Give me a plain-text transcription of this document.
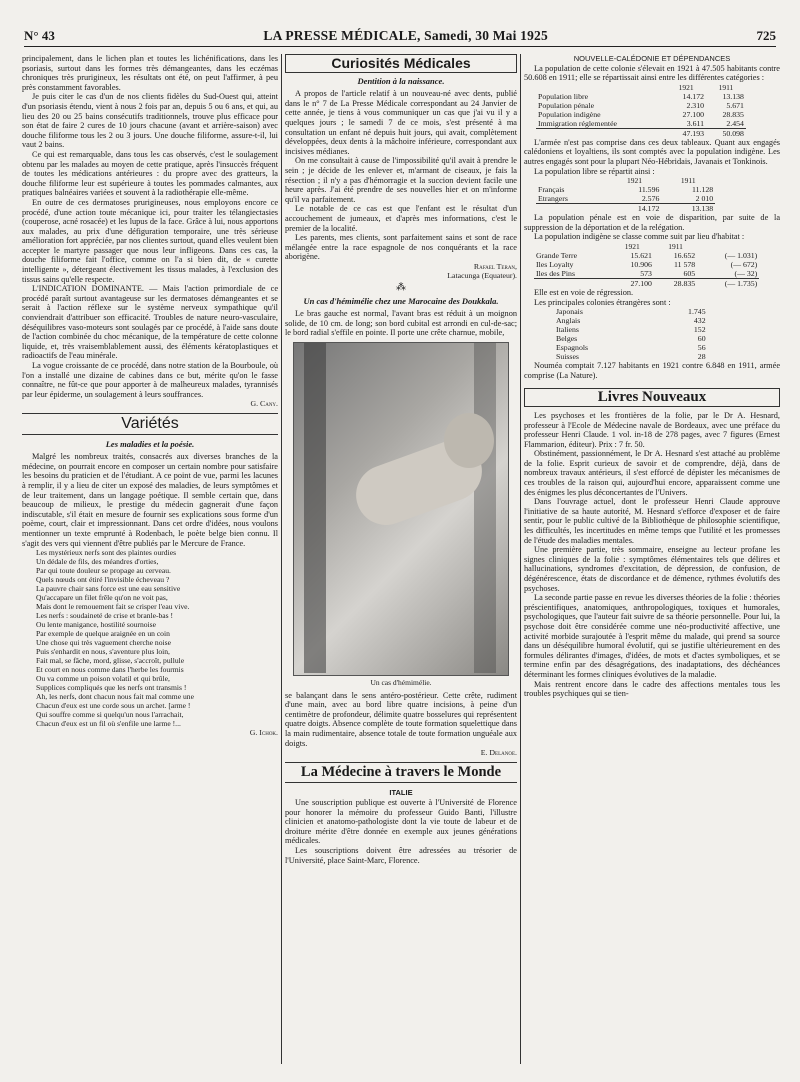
N° 43	LA PRESSE MÉDICALE, Samedi, 30 Mai 1925	725

principalement, dans le lichen plan et toutes les lichénifications, dans les psoriasis, surtout dans les formes très démangeantes, dans les eczémas chroniques très prurigineux, les résultats ont été, on peut l'affirmer, à peu près constamment favorables.

Je puis citer le cas d'un de nos clients fidèles du Sud-Ouest qui, atteint d'un psoriasis étendu, vient à nous 2 fois par an, depuis 5 ou 6 ans, et qui, au lieu des 20 ou 25 bains consécutifs traditionnels, trouve plus efficace pour son état de faire 2 cures de 10 jours chacune (avant et arrière-saison) avec douche filiforme tous les 2 ou 3 jours. Une douche filiforme, assure-t-il, lui vaut 2 bains.

Ce qui est remarquable, dans tous les cas observés, c'est le soulagement obtenu par les malades au moyen de cette pratique, après l'insuccès fréquent de toutes les médications antérieures : du propre avec des gratteurs, la douche filiforme leur est supérieure à toutes les pommades calmantes, aux pratiques balnéaires variées et souvent à la radiothérapie elle-même.

En outre de ces dermatoses prurigineuses, nous employons encore ce procédé, d'une action toute mécanique ici, pour traiter les télangiectasies (couperose, acné rosacée) et les lupus de la face. Grâce à lui, nous apportons aux malades, au prix d'une défiguration temporaire, une très sérieuse amélioration fort appréciée, par nos clientes surtout, quand elles veulent bien accepter le martyre passager que nous leur infligeons. Dans ces cas, la douche filiforme fait l'office, comme on l'a si bien dit, de « curette intelligente », détergeant électivement les tissus malades, à l'exclusion des tissus sains qu'elle respecte.

L'INDICATION DOMINANTE. — Mais l'action primordiale de ce procédé paraît surtout avantageuse sur les dermatoses démangeantes et se serait à l'action réflexe sur le système nerveux sympathique qu'il conviendrait d'attribuer son efficacité. Troubles de nature neuro-vasculaire, déséquilibres vaso-moteurs sont soulagés par ce procédé, à l'aide sans doute de l'action combinée du choc mécanique, de la température de cette colonne liquide, et, très vraisemblablement aussi, des éléments kératoplastiques et radioactifs de l'eau minérale.

La vogue croissante de ce procédé, dans notre station de la Bourboule, où l'on a installé une dizaine de cabines dans ce but, mérite qu'on le fasse connaître, ne fût-ce que pour apporter à de malheureux malades, tyrannisés par leur épiderme, un soulagement à leurs souffrances.

G. Cany.

Variétés

Les maladies et la poésie.

Malgré les nombreux traités, consacrés aux diverses branches de la médecine, on pourrait encore en composer un certain nombre pour satisfaire les besoins du praticien et de l'étudiant. A ce point de vue, parmi les lacunes à remplir, il y a lieu de citer un exposé des maladies, de leurs symptômes et de leur traitement, dans un langage poétique. Il semble certain que, dans beaucoup de milieux, le prestige du médecin gagnerait d'une façon indiscutable, s'il était en mesure de fournir ses explications sous forme d'un poème, court, clair et impressionnant. Dans cet ordre d'idées, nous voulons mentionner un texte emprunté à Rodenbach, le poète belge bien connu. Il s'agit des vers qui viennent d'être publiés par le Mercure de France.

Les mystérieux nerfs sont des plaintes ourdies

Un dédale de fils, des méandres d'orties,

Par qui toute douleur se propage au cerveau.

Quels nœuds ont étiré l'invisible écheveau ?

La pauvre chair sans force est une eau sensitive

Qu'accapare un filet frêle qu'on ne voit pas,

Mais dont le remouement fait se crisper l'eau vive.

Les nerfs : soudaineté de crise et branle-bas !

Ou lente manigance, hostilité sournoise

Par exemple de quelque araignée en un coin

Une chose qui très vaguement cherche noise

Puis s'enhardit en nous, s'aventure plus loin,

Fait mal, se fâche, mord, glisse, s'accroît, pullule

Et court en nous comme dans l'herbe les fourmis

Ou va comme un poison volatil et qui brûle,

Supplices compliqués que les nerfs ont transmis !

Ah, les nerfs, dont chacun nous fait mal comme une

Chacun d'eux est une corde sous un archet. [arme !

Qui souffre comme si quelqu'un nous l'arrachait,

Chacun d'eux est un fil où s'enfile une larme !...

G. Ichok.

Curiosités Médicales

Dentition à la naissance.

A propos de l'article relatif à un nouveau-né avec dents, publié dans le n° 7 de La Presse Médicale correspondant au 24 Janvier de cette année, je tiens à vous communiquer un cas que j'ai vu il y a quelques jours ; le samedi 7 de ce mois, s'est présenté à ma consultation un enfant né depuis huit jours, qui avait, complètement développées, deux dents à la mâchoire inférieure, correspondant aux incisives médianes.

On me consultait à cause de l'impossibilité qu'il avait à prendre le sein ; je décide de les enlever et, m'armant de ciseaux, je fais la résection ; il n'y a pas d'hémorragie et la succion devient facile une heure après. J'ai été prendre de ses nouvelles hier et on m'informe qu'il va parfaitement.

Le notable de ce cas est que l'enfant est le résultat d'un accouchement de jumeaux, et d'après mes informations, c'est le premier de la localité.

Les parents, mes clients, sont parfaitement sains et sont de race mélangée entre la race espagnole de nos conquérants et la race aborigène.

Rafael Teran,

Latacunga (Equateur).

⁂

Un cas d'hémimélie chez une Marocaine des Doukkala.

Le bras gauche est normal, l'avant bras est réduit à un moignon solide, de 10 cm. de long; son bord cubital est arrondi en cul-de-sac; le bord radial s'effile en pointe. Il porte une crête charnue, mobile,

Un cas d'hémimélie.

se balançant dans le sens antéro-postérieur. Cette crête, rudiment d'une main, avec au bord libre quatre incisions, à peine d'un centimètre de profondeur, délimite quatre bosselures qui représentent quatre doigts. Absence complète de toute formation squelettique dans la main rudimentaire, absence totale de toute formation unguéale aux doigts.

E. Delanoe.

La Médecine à travers le Monde

ITALIE

Une souscription publique est ouverte à l'Université de Florence pour honorer la mémoire du professeur Guido Banti, l'illustre clinicien et anatomo-pathologiste dont la vie toute de labeur et de droiture mérite d'être donnée en exemple aux jeunes générations médicales.

Les souscriptions doivent être adressées au trésorier de l'Université, place Saint-Marc, Florence.

NOUVELLE-CALÉDONIE ET DÉPENDANCES

La population de cette colonie s'élevait en 1921 à 47.505 habitants contre 50.608 en 1911; elle se répartissait ainsi entre les différentes catégories :

	1921	1911
Population libre	14.172	13.138
Population pénale	2.310	5.671
Population indigène	27.100	28.835
Immigration réglementée	3.611	2.454
	47.193	50.098

L'armée n'est pas comprise dans ces deux tableaux. Quant aux engagés calédoniens et loyaltiens, ils sont comptés avec la population indigène. Les autres engagés sont pour la plupart Néo-Hébridais, Javanais et Tonkinois.

La population libre se répartit ainsi :

	1921	1911
Français	11.596	11.128
Etrangers	2.576	2 010
	14.172	13.138

La population pénale est en voie de disparition, par suite de la suppression de la déportation et de la relégation.

La population indigène se classe comme suit par lieu d'habitat :

	1921	1911	
Grande Terre	15.621	16.652	(— 1.031)
Iles Loyalty	10.906	11 578	(— 672)
Iles des Pins	573	605	(— 32)
	27.100	28.835	(— 1.735)

Elle est en voie de régression.

Les principales colonies étrangères sont :

Japonais	1.745
Anglais	432
Italiens	152
Belges	60
Espagnols	56
Suisses	28

Nouméa comptait 7.127 habitants en 1921 contre 6.848 en 1911, armée comprise (La Nature).

Livres Nouveaux

Les psychoses et les frontières de la folie, par le Dr A. Hesnard, professeur à l'Ecole de Médecine navale de Bordeaux, avec une préface du professeur Henri Claude. 1 vol. in-18 de 278 pages, avec 7 figures (Ernest Flammarion, éditeur). Prix : 7 fr. 50.

Obstinément, passionnément, le Dr A. Hesnard s'est attaché au problème de la folie. Esprit curieux de savoir et de comprendre, déjà, dans de nombreux travaux antérieurs, il s'est efforcé de dépister les mécanismes de ces troubles de la raison qui, aujourd'hui encore, apparaissent comme une des énigmes les plus déconcertantes de l'Univers.

Dans l'ouvrage actuel, dont le professeur Henri Claude approuve l'initiative de sa haute autorité, M. Hesnard s'efforce d'exposer et de faire sentir, pour le public cultivé de la Bibliothèque de philosophie scientifique, les difficultés, les incertitudes en même temps que l'utilité et les promesses de l'étude des maladies mentales.

Une première partie, très sommaire, enseigne au lecteur profane les signes cliniques de la folie : symptômes élémentaires tels que délires et hallucinations, syndromes d'excitation, de dépression, de confusion, de dégénérescence, états de discordance et de démence, rythmes évolutifs des psychoses.

La seconde partie passe en revue les diverses théories de la folie : théories préscientifiques, anatomiques, anthropologiques, toxiques et humorales, psychologiques, que l'auteur fait suivre de sa théorie personnelle. Pour lui, la psychose doit être considérée comme une néo-productivité affective, une activité morbide surajoutée à l'esprit même du malade, qui prend sa source dans un déséquilibre humoral évolutif, qui se justifie ultérieurement en des formules délirantes d'images, d'idées, de mots et d'actes symboliques, et se termine enfin par des désagrégations, des inadaptations, des déchéances déterminant les formes cliniques évolutives de la maladie.

Mais rentrent encore dans le cadre des affections mentales tous les troubles psychiques qui se tien-
